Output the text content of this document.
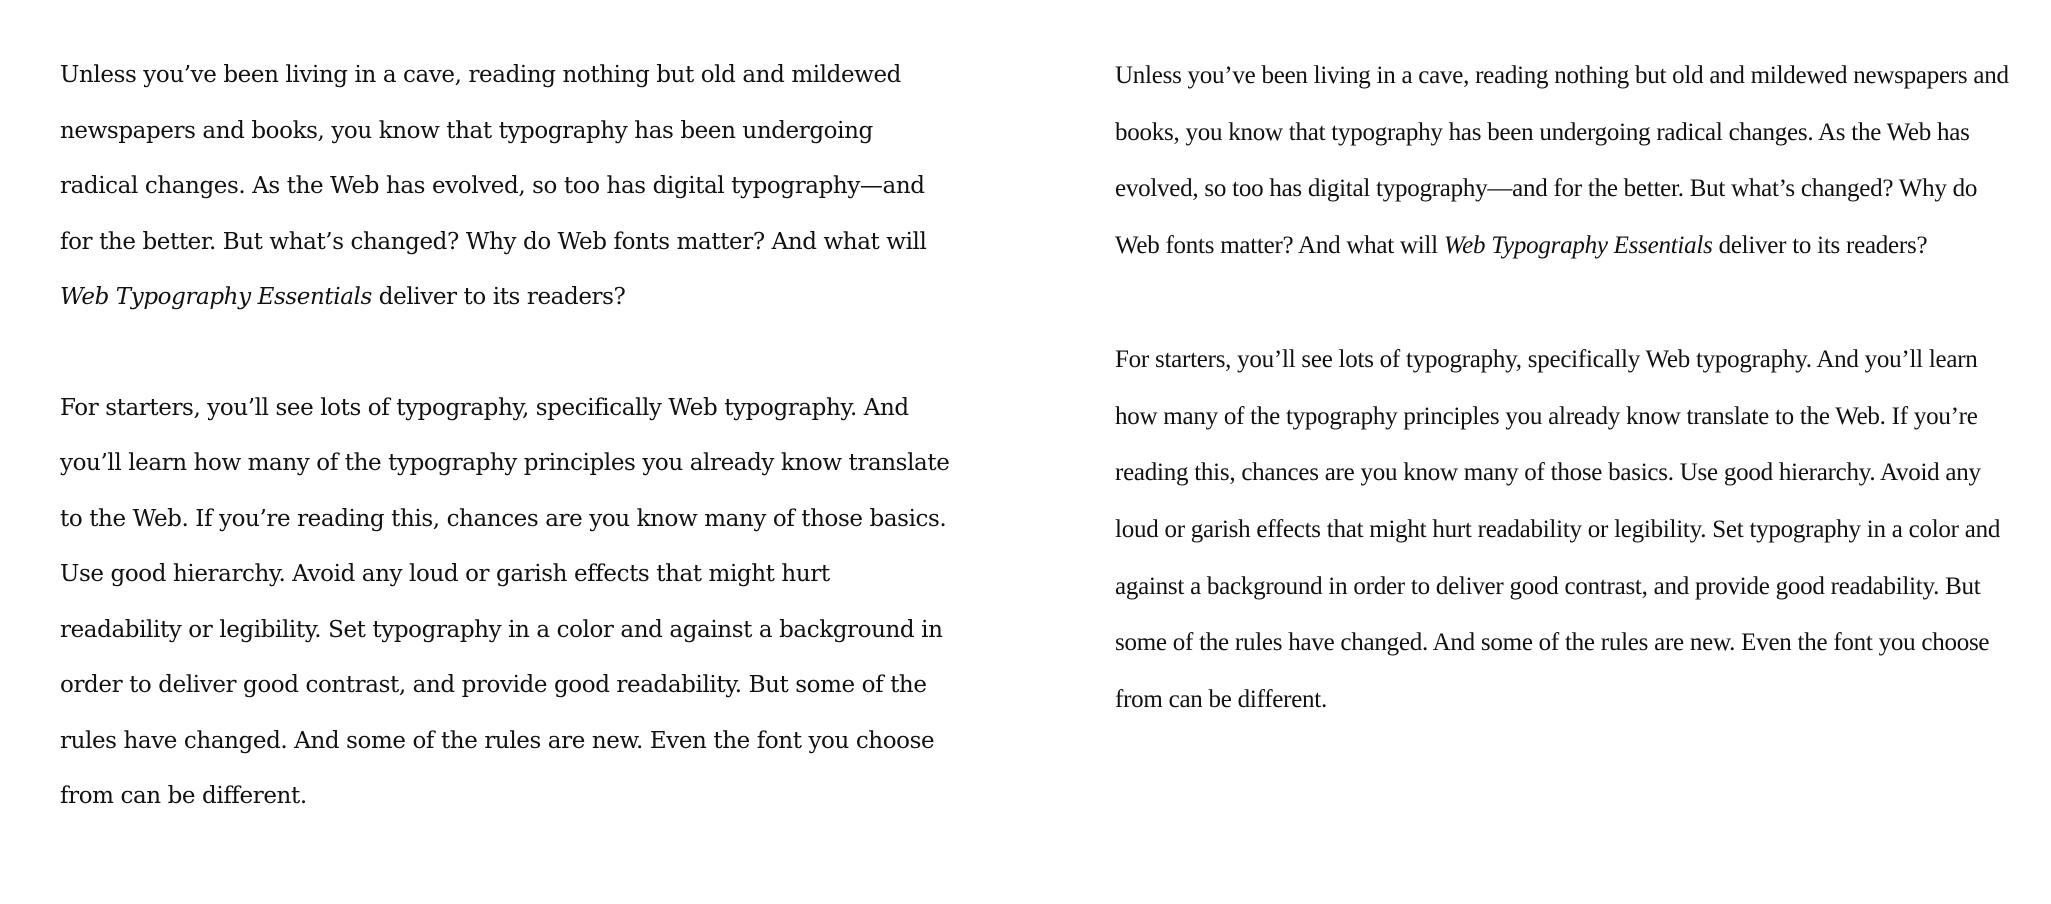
Unless you’ve been living in a cave, reading nothing but old and mildewed newspapers and books, you know that typography has been undergoing radical changes. As the Web has evolved, so too has digital typography—and for the better. But what’s changed? Why do Web fonts matter? And what will Web Typography Essentials deliver to its readers?

For starters, you’ll see lots of typography, specifically Web typography. And you’ll learn how many of the typography principles you already know translate to the Web. If you’re reading this, chances are you know many of those basics. Use good hierarchy. Avoid any loud or garish effects that might hurt readability or legibility. Set typography in a color and against a background in order to deliver good contrast, and provide good readability. But some of the rules have changed. And some of the rules are new. Even the font you choose from can be different.

Unless you’ve been living in a cave, reading nothing but old and mildewed newspapers and books, you know that typography has been undergoing radical changes. As the Web has evolved, so too has digital typography—and for the better. But what’s changed? Why do Web fonts matter? And what will Web Typography Essentials deliver to its readers?

For starters, you’ll see lots of typography, specifically Web typography. And you’ll learn how many of the typography principles you already know translate to the Web. If you’re reading this, chances are you know many of those basics. Use good hierarchy. Avoid any loud or garish effects that might hurt readability or legibility. Set typography in a color and against a background in order to deliver good contrast, and provide good readability. But some of the rules have changed. And some of the rules are new. Even the font you choose from can be different.
